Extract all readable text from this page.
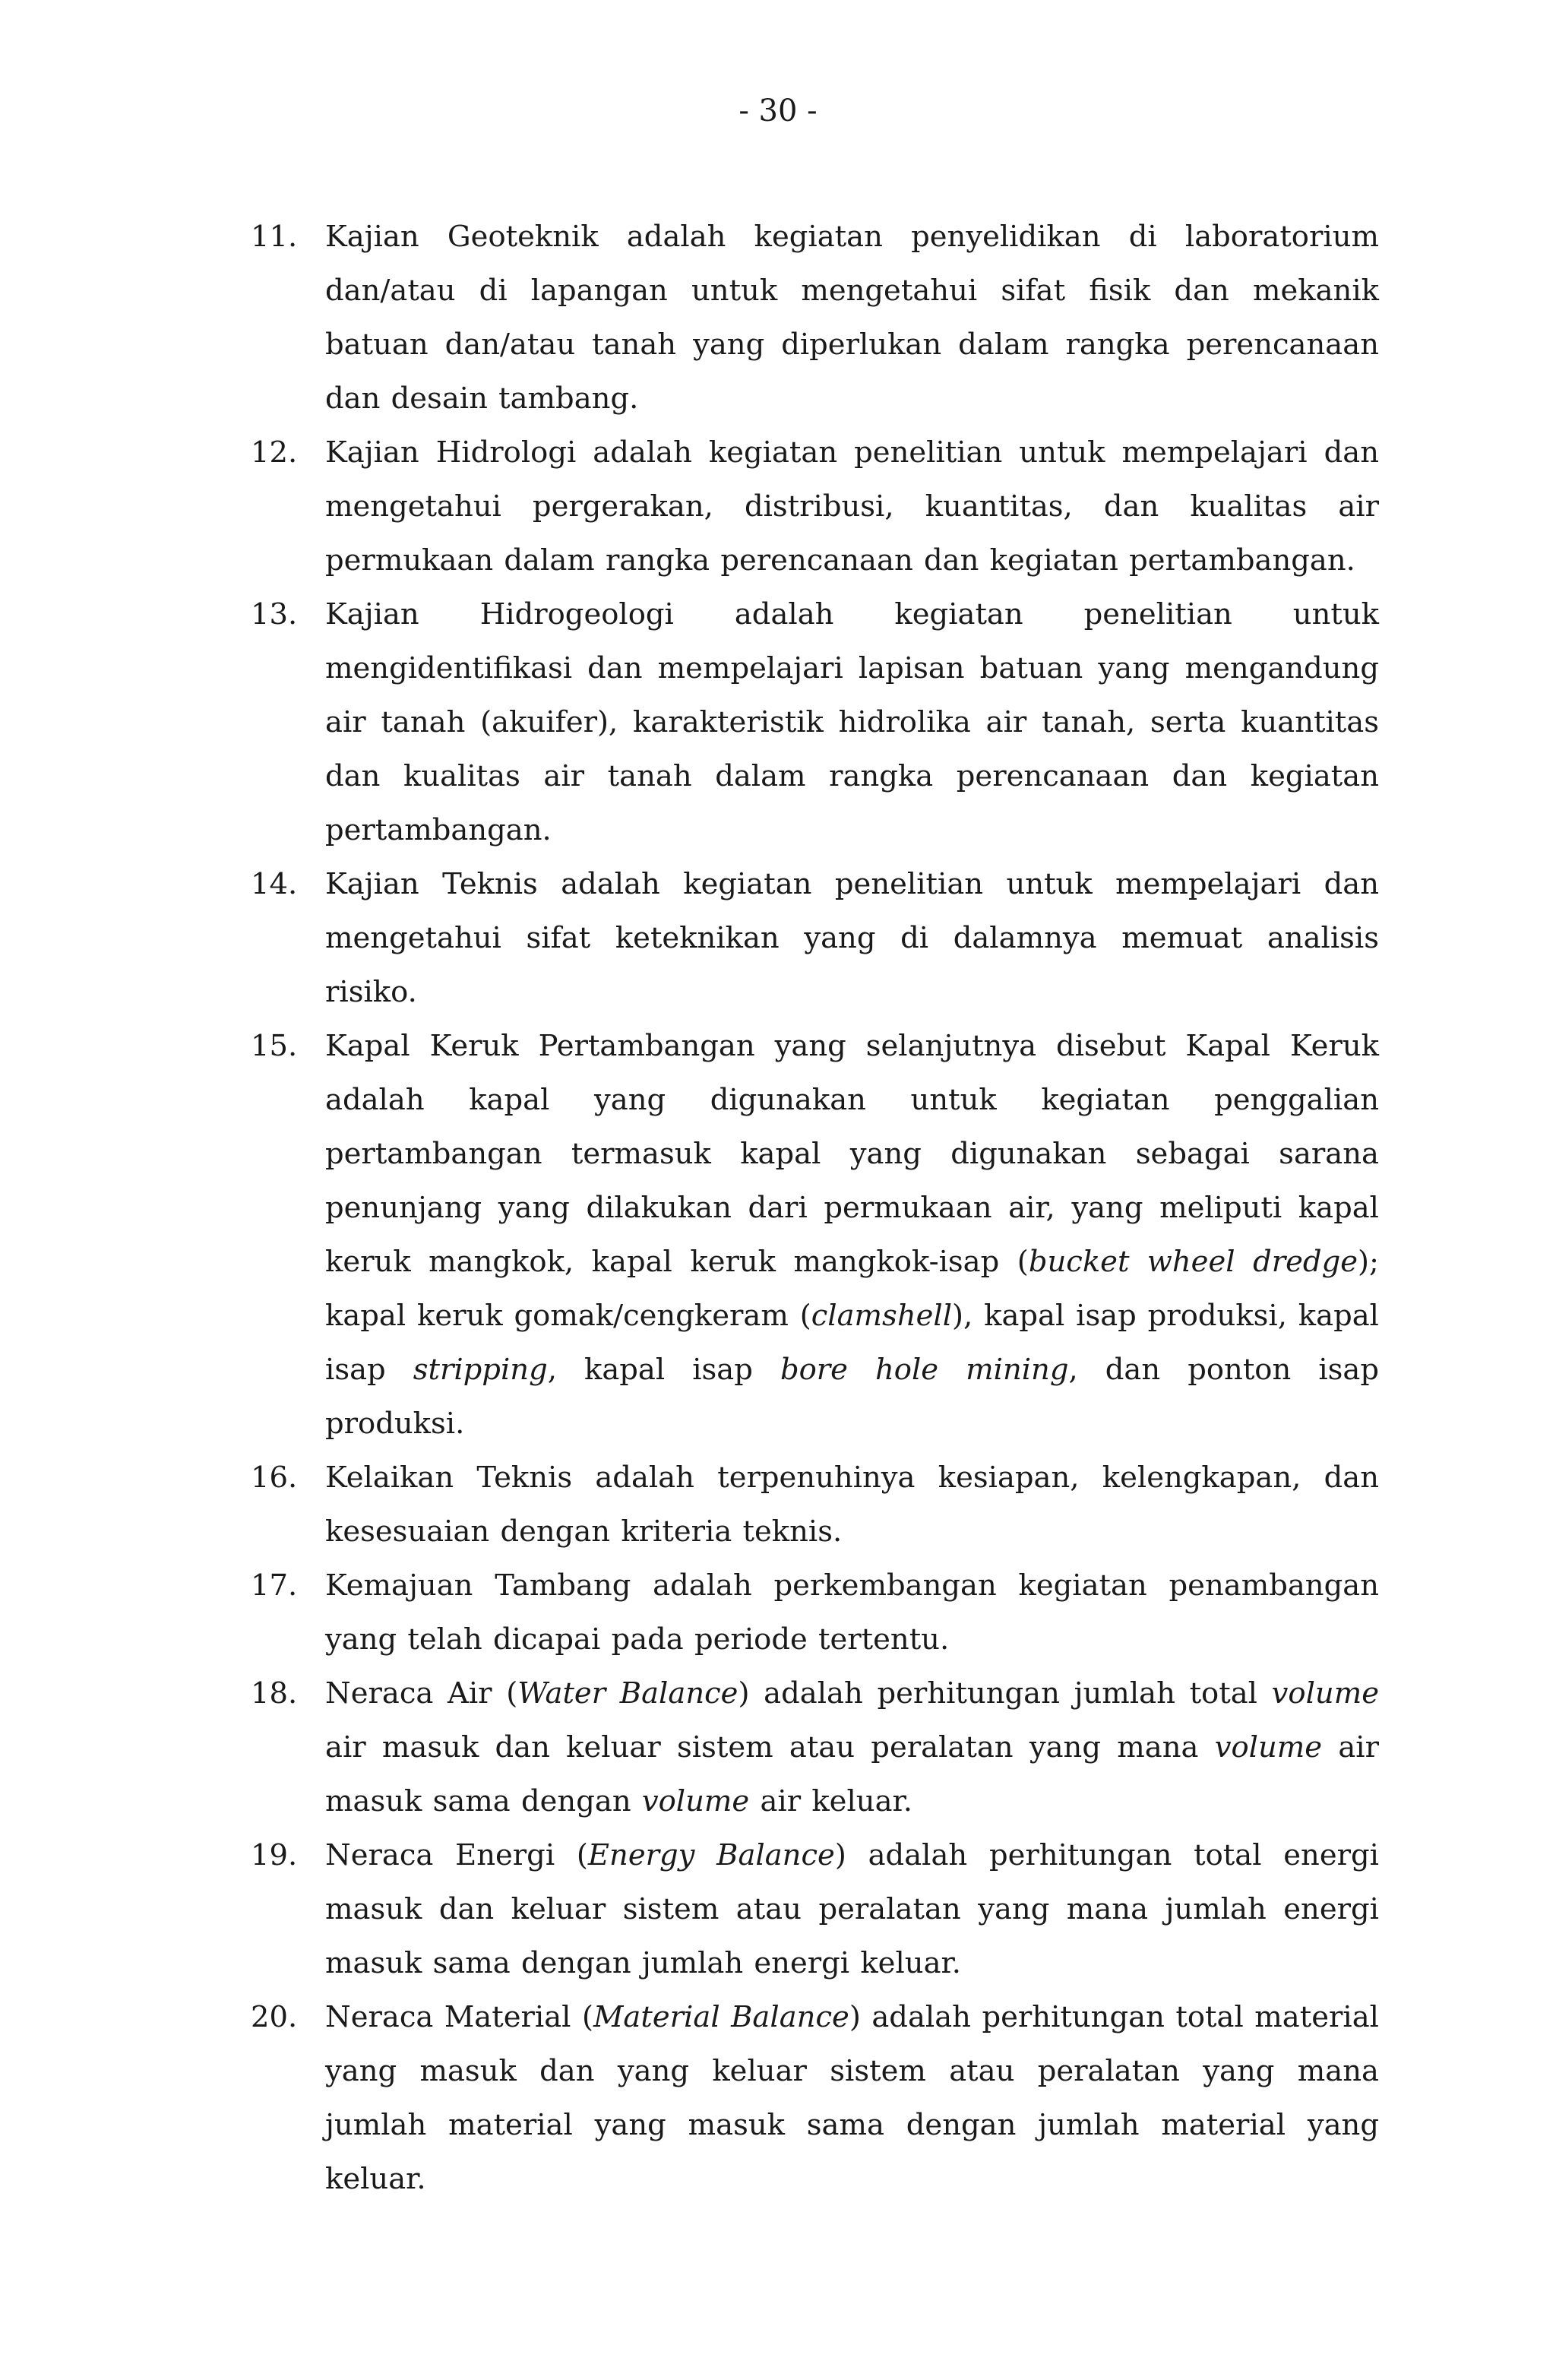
- 30 -
11. Kajian Geoteknik adalah kegiatan penyelidikan di laboratorium dan/atau di lapangan untuk mengetahui sifat fisik dan mekanik batuan dan/atau tanah yang diperlukan dalam rangka perencanaan dan desain tambang.
12. Kajian Hidrologi adalah kegiatan penelitian untuk mempelajari dan mengetahui pergerakan, distribusi, kuantitas, dan kualitas air permukaan dalam rangka perencanaan dan kegiatan pertambangan.
13. Kajian Hidrogeologi adalah kegiatan penelitian untuk mengidentifikasi dan mempelajari lapisan batuan yang mengandung air tanah (akuifer), karakteristik hidrolika air tanah, serta kuantitas dan kualitas air tanah dalam rangka perencanaan dan kegiatan pertambangan.
14. Kajian Teknis adalah kegiatan penelitian untuk mempelajari dan mengetahui sifat keteknikan yang di dalamnya memuat analisis risiko.
15. Kapal Keruk Pertambangan yang selanjutnya disebut Kapal Keruk adalah kapal yang digunakan untuk kegiatan penggalian pertambangan termasuk kapal yang digunakan sebagai sarana penunjang yang dilakukan dari permukaan air, yang meliputi kapal keruk mangkok, kapal keruk mangkok-isap (bucket wheel dredge); kapal keruk gomak/cengkeram (clamshell), kapal isap produksi, kapal isap stripping, kapal isap bore hole mining, dan ponton isap produksi.
16. Kelaikan Teknis adalah terpenuhinya kesiapan, kelengkapan, dan kesesuaian dengan kriteria teknis.
17. Kemajuan Tambang adalah perkembangan kegiatan penambangan yang telah dicapai pada periode tertentu.
18. Neraca Air (Water Balance) adalah perhitungan jumlah total volume air masuk dan keluar sistem atau peralatan yang mana volume air masuk sama dengan volume air keluar.
19. Neraca Energi (Energy Balance) adalah perhitungan total energi masuk dan keluar sistem atau peralatan yang mana jumlah energi masuk sama dengan jumlah energi keluar.
20. Neraca Material (Material Balance) adalah perhitungan total material yang masuk dan yang keluar sistem atau peralatan yang mana jumlah material yang masuk sama dengan jumlah material yang keluar.
